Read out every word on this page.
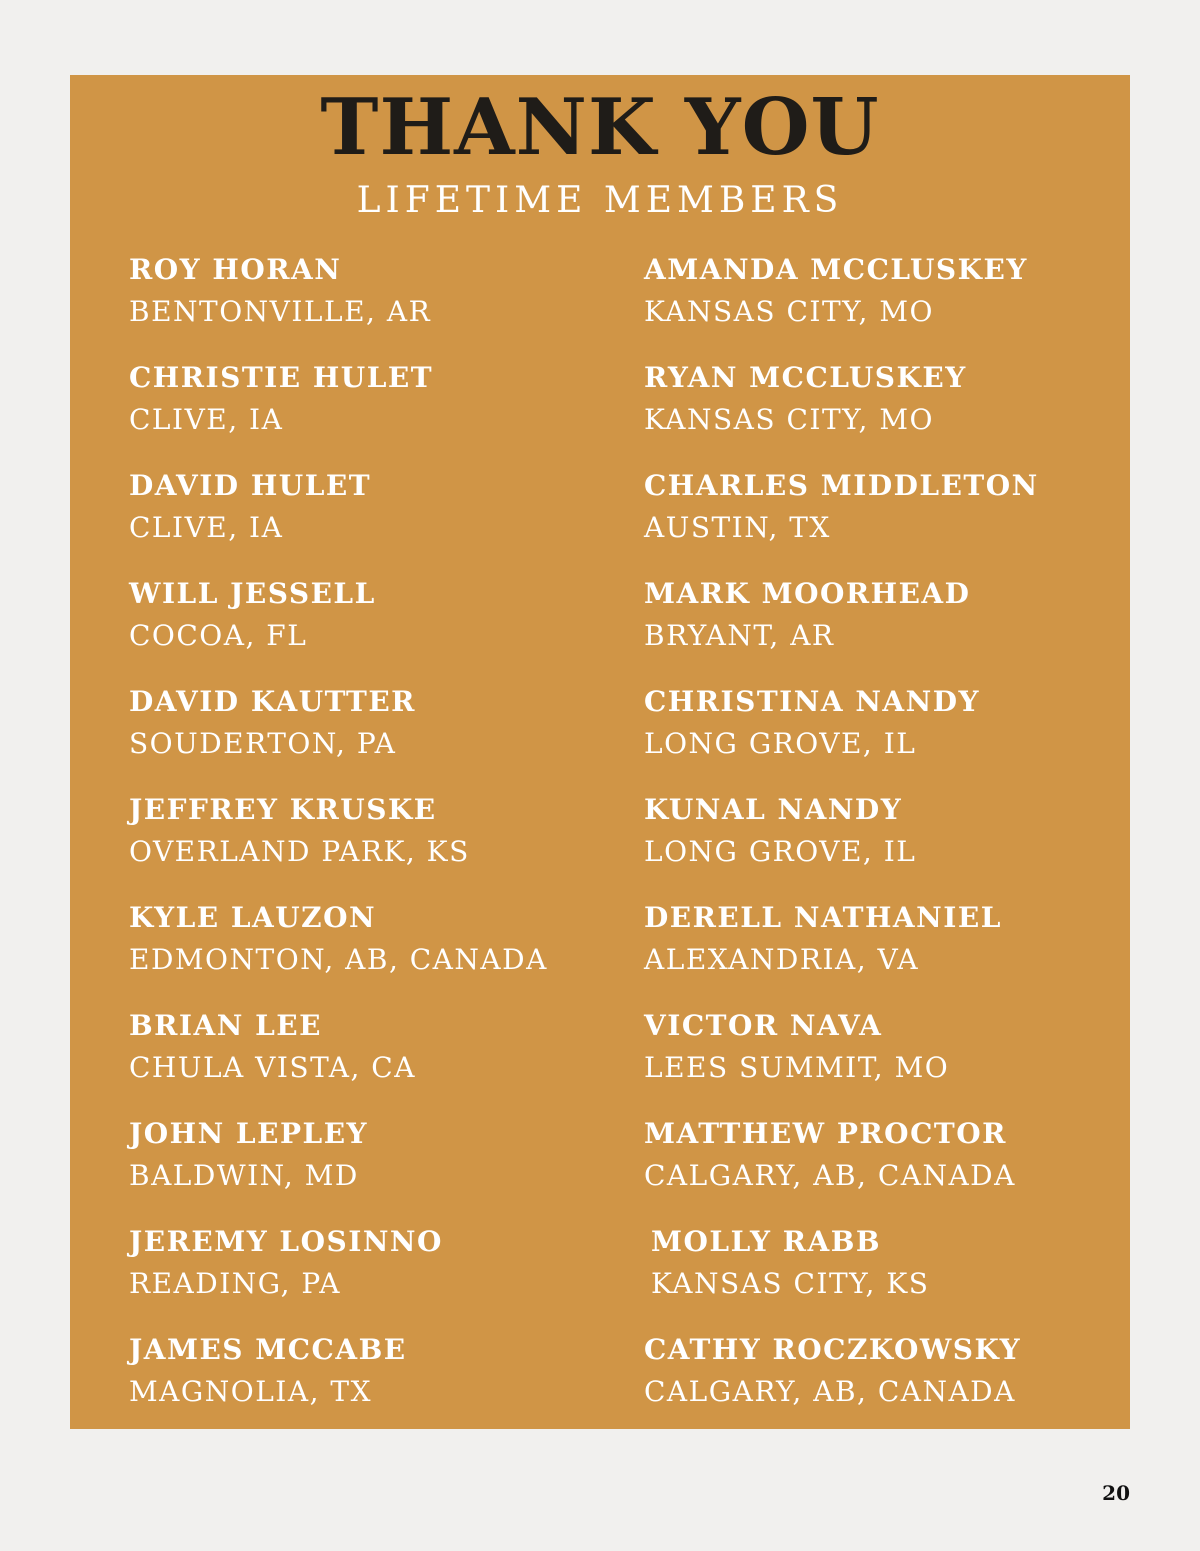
THANK YOU
LIFETIME MEMBERS
ROY HORAN
BENTONVILLE, AR
CHRISTIE HULET
CLIVE, IA
DAVID HULET
CLIVE, IA
WILL JESSELL
COCOA, FL
DAVID KAUTTER
SOUDERTON, PA
JEFFREY KRUSKE
OVERLAND PARK, KS
KYLE LAUZON
EDMONTON, AB, CANADA
BRIAN LEE
CHULA VISTA, CA
JOHN LEPLEY
BALDWIN, MD
JEREMY LOSINNO
READING, PA
JAMES MCCABE
MAGNOLIA, TX
AMANDA MCCLUSKEY
KANSAS CITY, MO
RYAN MCCLUSKEY
KANSAS CITY, MO
CHARLES MIDDLETON
AUSTIN, TX
MARK MOORHEAD
BRYANT, AR
CHRISTINA NANDY
LONG GROVE, IL
KUNAL NANDY
LONG GROVE, IL
DERELL NATHANIEL
ALEXANDRIA, VA
VICTOR NAVA
LEES SUMMIT, MO
MATTHEW PROCTOR
CALGARY, AB, CANADA
MOLLY RABB
KANSAS CITY, KS
CATHY ROCZKOWSKY
CALGARY, AB, CANADA
20
